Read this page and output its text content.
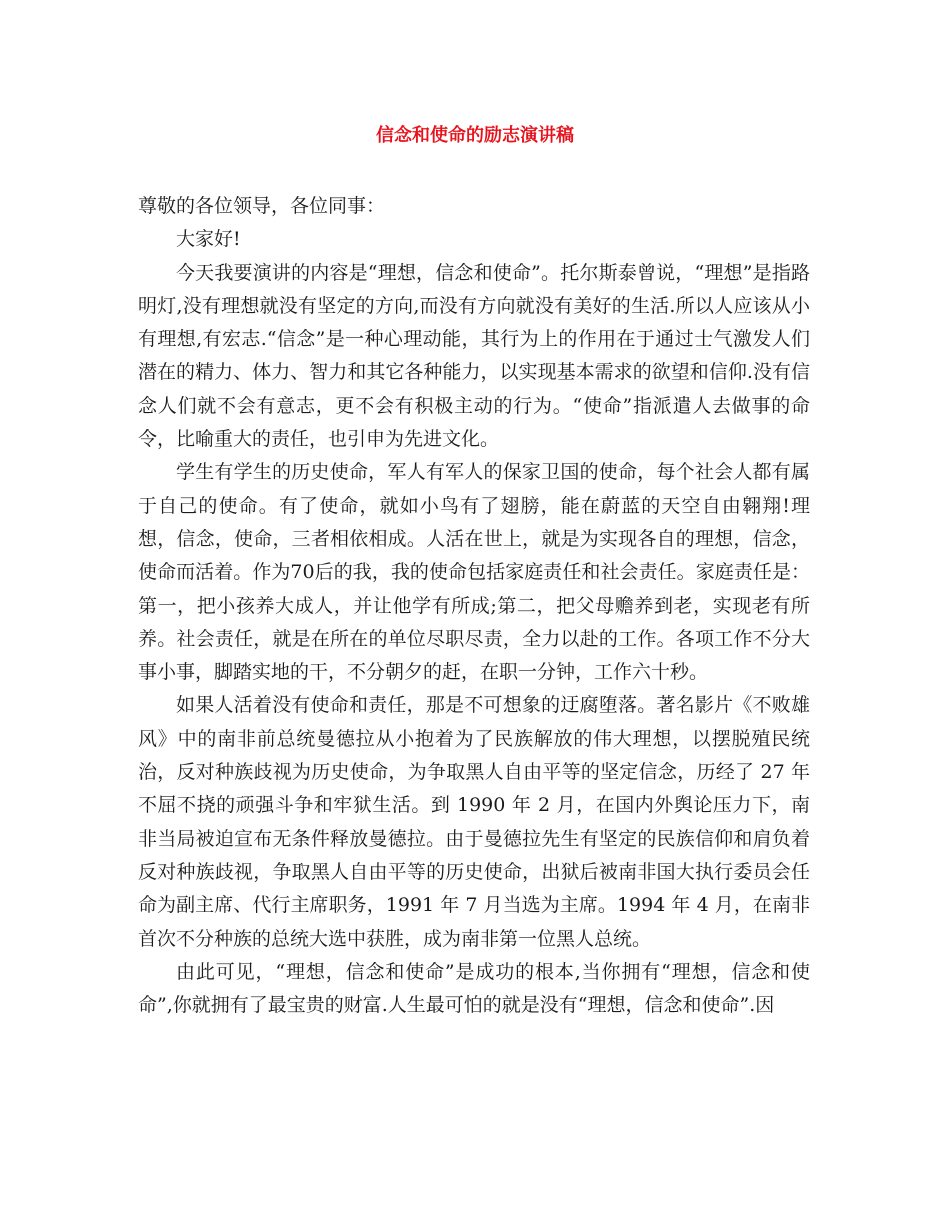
信念和使命的励志演讲稿

尊敬的各位领导，各位同事：

大家好!

今天我要演讲的内容是“理想，信念和使命”。托尔斯泰曾说，“理想”是指路明灯,没有理想就没有坚定的方向,而没有方向就没有美好的生活.所以人应该从小有理想,有宏志.“信念”是一种心理动能，其行为上的作用在于通过士气激发人们潜在的精力、体力、智力和其它各种能力，以实现基本需求的欲望和信仰.没有信念人们就不会有意志，更不会有积极主动的行为。“使命”指派遣人去做事的命令，比喻重大的责任，也引申为先进文化。

学生有学生的历史使命，军人有军人的保家卫国的使命，每个社会人都有属于自己的使命。有了使命，就如小鸟有了翅膀，能在蔚蓝的天空自由翱翔!理想，信念，使命，三者相依相成。人活在世上，就是为实现各自的理想，信念，使命而活着。作为70后的我，我的使命包括家庭责任和社会责任。家庭责任是：第一，把小孩养大成人，并让他学有所成;第二，把父母赡养到老，实现老有所养。社会责任，就是在所在的单位尽职尽责，全力以赴的工作。各项工作不分大事小事，脚踏实地的干，不分朝夕的赶，在职一分钟，工作六十秒。

如果人活着没有使命和责任，那是不可想象的迂腐堕落。著名影片《不败雄风》中的南非前总统曼德拉从小抱着为了民族解放的伟大理想，以摆脱殖民统治，反对种族歧视为历史使命，为争取黑人自由平等的坚定信念，历经了 27 年不屈不挠的顽强斗争和牢狱生活。到 1990 年 2 月，在国内外舆论压力下，南非当局被迫宣布无条件释放曼德拉。由于曼德拉先生有坚定的民族信仰和肩负着反对种族歧视，争取黑人自由平等的历史使命，出狱后被南非国大执行委员会任命为副主席、代行主席职务，1991 年 7 月当选为主席。1994 年 4 月，在南非首次不分种族的总统大选中获胜，成为南非第一位黑人总统。

由此可见，“理想，信念和使命”是成功的根本,当你拥有“理想，信念和使命”,你就拥有了最宝贵的财富.人生最可怕的就是没有“理想，信念和使命”.因
